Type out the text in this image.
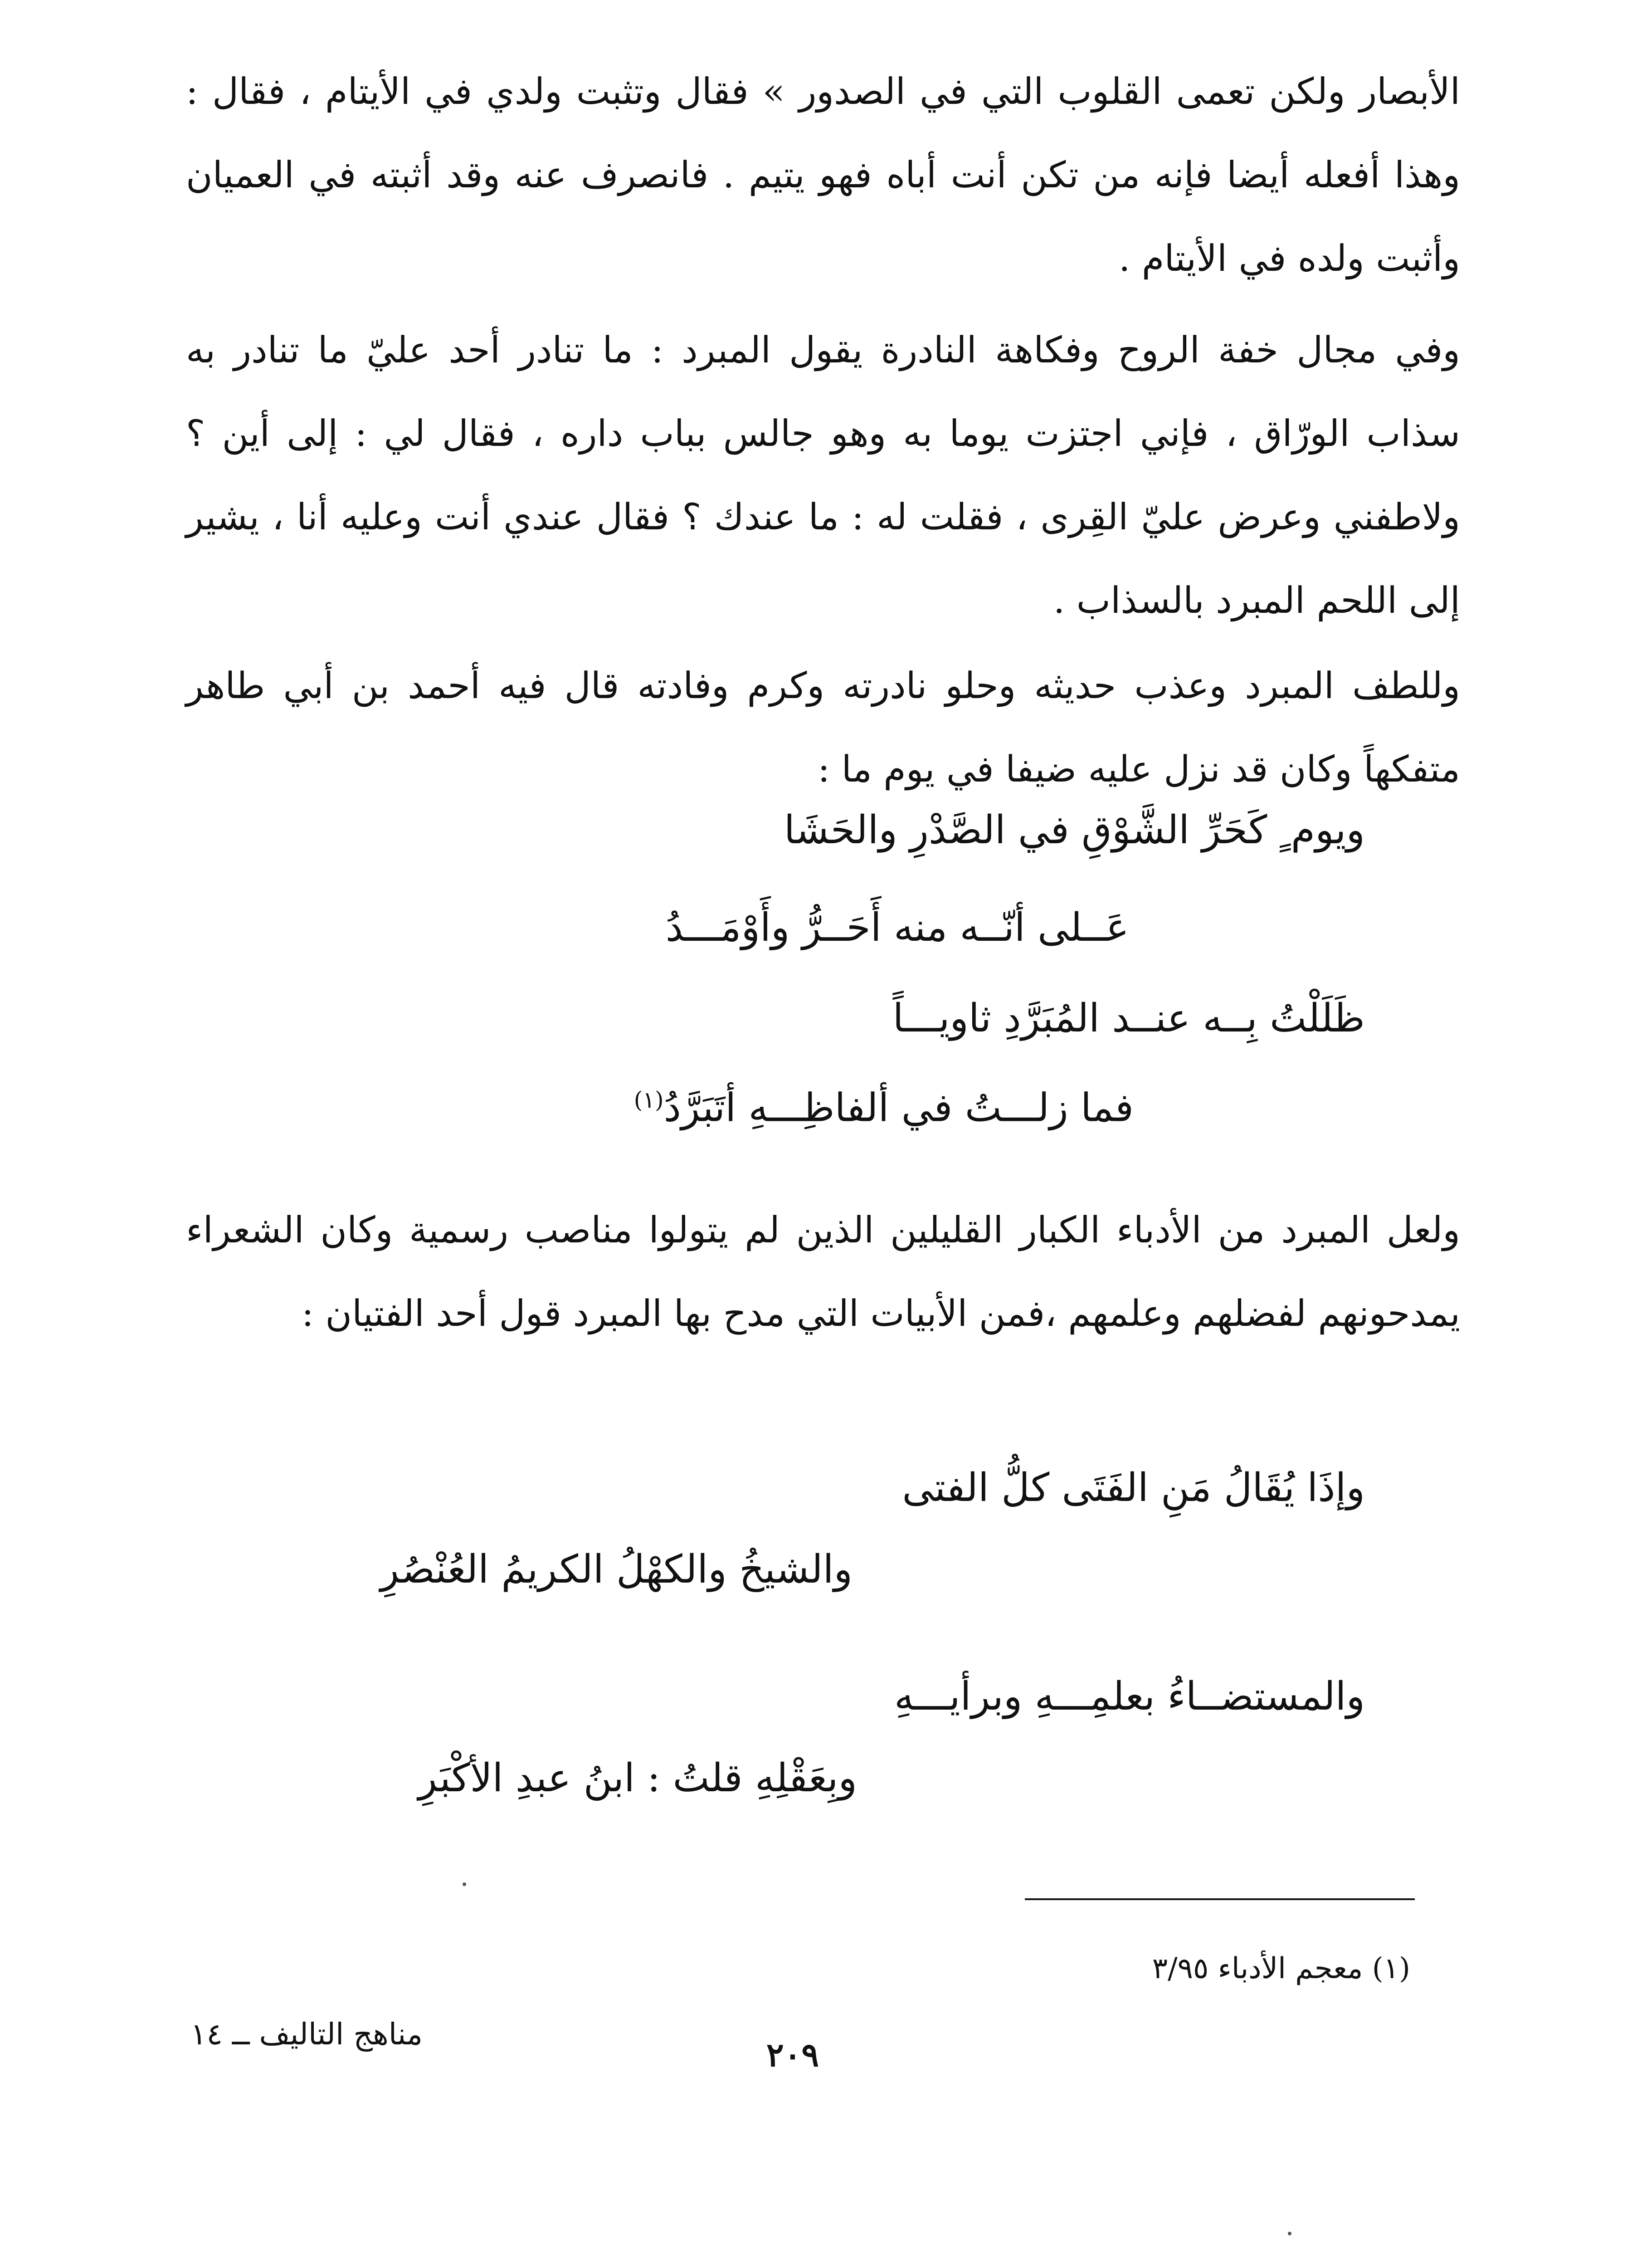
الأبصار ولكن تعمى القلوب التي في الصدور » فقال وتثبت ولدي في الأيتام ، فقال : وهذا أفعله أيضا فإنه من تكن أنت أباه فهو يتيم . فانصرف عنه وقد أثبته في العميان وأثبت ولده في الأيتام .

وفي مجال خفة الروح وفكاهة النادرة يقول المبرد : ما تنادر أحد عليّ ما تنادر به سذاب الورّاق ، فإني اجتزت يوما به وهو جالس بباب داره ، فقال لي : إلى أين ؟ ولاطفني وعرض عليّ القِرى ، فقلت له : ما عندك ؟ فقال عندي أنت وعليه أنا ، يشير إلى اللحم المبرد بالسذاب .

وللطف المبرد وعذب حديثه وحلو نادرته وكرم وفادته قال فيه أحمد بن أبي طاهر متفكهاً وكان قد نزل عليه ضيفا في يوم ما :

ويوم ٍ كَحَرِّ الشَّوْقِ في الصَّدْرِ والحَشَا
عَــلى أنّــه منه أَحَــرُّ وأَوْمَـــدُ
ظَلَلْتُ بِــه عنــد المُبَرَّدِ ثاويـــاً
فما زلـــتُ في ألفاظِـــهِ أتَبَرَّدُ$^{(١)}$

ولعل المبرد من الأدباء الكبار القليلين الذين لم يتولوا مناصب رسمية وكان الشعراء يمدحونهم لفضلهم وعلمهم ،فمن الأبيات التي مدح بها المبرد قول أحد الفتيان :

وإذَا يُقَالُ مَنِ الفَتَى كلُّ الفتى
والشيخُ والكهْلُ الكريمُ العُنْصُرِ
والمستضــاءُ بعلمِـــهِ وبرأيـــهِ
وبِعَقْلِهِ قلتُ : ابنُ عبدِ الأكْبَرِ
(١) معجم الأدباء ٣/٩٥
مناهج التاليف ــ ١٤
٢٠٩
